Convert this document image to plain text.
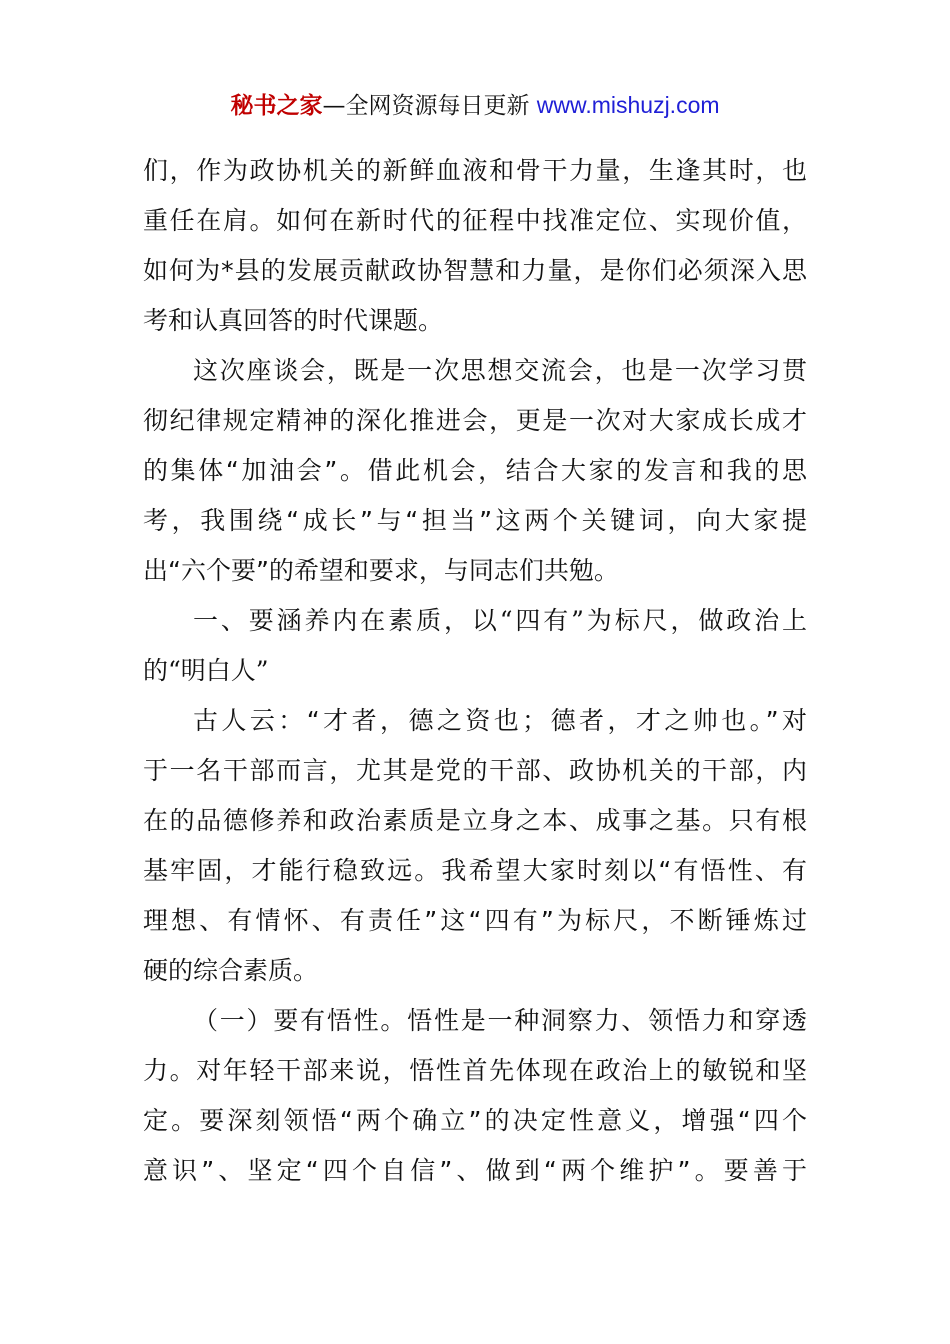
秘书之家—全网资源每日更新 www.mishuzj.com
们，作为政协机关的新鲜血液和骨干力量，生逢其时，也
重任在肩。如何在新时代的征程中找准定位、实现价值，
如何为*县的发展贡献政协智慧和力量，是你们必须深入思
考和认真回答的时代课题。
这次座谈会，既是一次思想交流会，也是一次学习贯
彻纪律规定精神的深化推进会，更是一次对大家成长成才
的集体“加油会”。借此机会，结合大家的发言和我的思
考，我围绕“成长”与“担当”这两个关键词，向大家提
出“六个要”的希望和要求，与同志们共勉。
一、要涵养内在素质，以“四有”为标尺，做政治上
的“明白人”
古人云：“才者，德之资也；德者，才之帅也。”对
于一名干部而言，尤其是党的干部、政协机关的干部，内
在的品德修养和政治素质是立身之本、成事之基。只有根
基牢固，才能行稳致远。我希望大家时刻以“有悟性、有
理想、有情怀、有责任”这“四有”为标尺，不断锤炼过
硬的综合素质。
（一）要有悟性。悟性是一种洞察力、领悟力和穿透
力。对年轻干部来说，悟性首先体现在政治上的敏锐和坚
定。要深刻领悟“两个确立”的决定性意义，增强“四个
意识”、坚定“四个自信”、做到“两个维护”。要善于
